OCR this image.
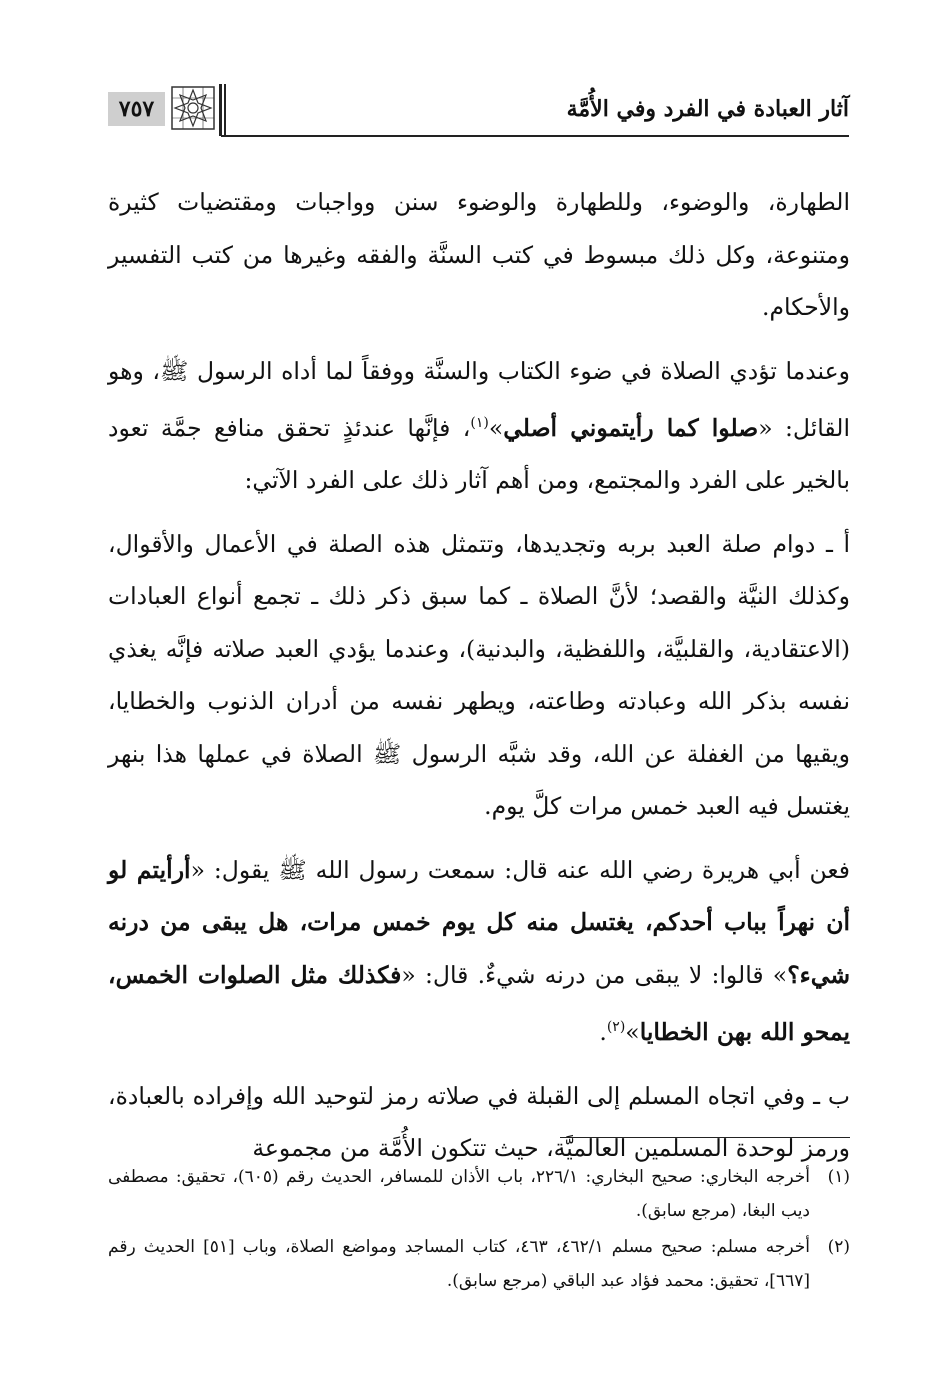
٧٥٧	آثار العبادة في الفرد وفي الأُمَّة

الطهارة، والوضوء، وللطهارة والوضوء سنن وواجبات ومقتضيات كثيرة ومتنوعة، وكل ذلك مبسوط في كتب السنَّة والفقه وغيرها من كتب التفسير والأحكام.

وعندما تؤدي الصلاة في ضوء الكتاب والسنَّة ووفقاً لما أداه الرسول ﷺ، وهو القائل: «صلوا كما رأيتموني أصلي»$^{(١)}$، فإنَّها عندئذٍ تحقق منافع جمَّة تعود بالخير على الفرد والمجتمع، ومن أهم آثار ذلك على الفرد الآتي:

أ ـ دوام صلة العبد بربه وتجديدها، وتتمثل هذه الصلة في الأعمال والأقوال، وكذلك النيَّة والقصد؛ لأنَّ الصلاة ـ كما سبق ذكر ذلك ـ تجمع أنواع العبادات (الاعتقادية، والقلبيَّة، واللفظية، والبدنية)، وعندما يؤدي العبد صلاته فإنَّه يغذي نفسه بذكر الله وعبادته وطاعته، ويطهر نفسه من أدران الذنوب والخطايا، ويقيها من الغفلة عن الله، وقد شبَّه الرسول ﷺ الصلاة في عملها هذا بنهر يغتسل فيه العبد خمس مرات كلَّ يوم.

فعن أبي هريرة رضي الله عنه قال: سمعت رسول الله ﷺ يقول: «أرأيتم لو أن نهراً بباب أحدكم، يغتسل منه كل يوم خمس مرات، هل يبقى من درنه شيء؟» قالوا: لا يبقى من درنه شيءٌ. قال: «فكذلك مثل الصلوات الخمس، يمحو الله بهن الخطايا»$^{(٢)}$.

ب ـ وفي اتجاه المسلم إلى القبلة في صلاته رمز لتوحيد الله وإفراده بالعبادة، ورمز لوحدة المسلمين العالميَّة، حيث تتكون الأُمَّة من مجموعة

(١)
أخرجه البخاري: صحيح البخاري: ٢٢٦/١، باب الأذان للمسافر، الحديث رقم (٦٠٥)، تحقيق: مصطفى ديب البغا، (مرجع سابق).
(٢)
أخرجه مسلم: صحيح مسلم ٤٦٢/١، ٤٦٣، كتاب المساجد ومواضع الصلاة، وباب [٥١] الحديث رقم [٦٦٧]، تحقيق: محمد فؤاد عبد الباقي (مرجع سابق).
